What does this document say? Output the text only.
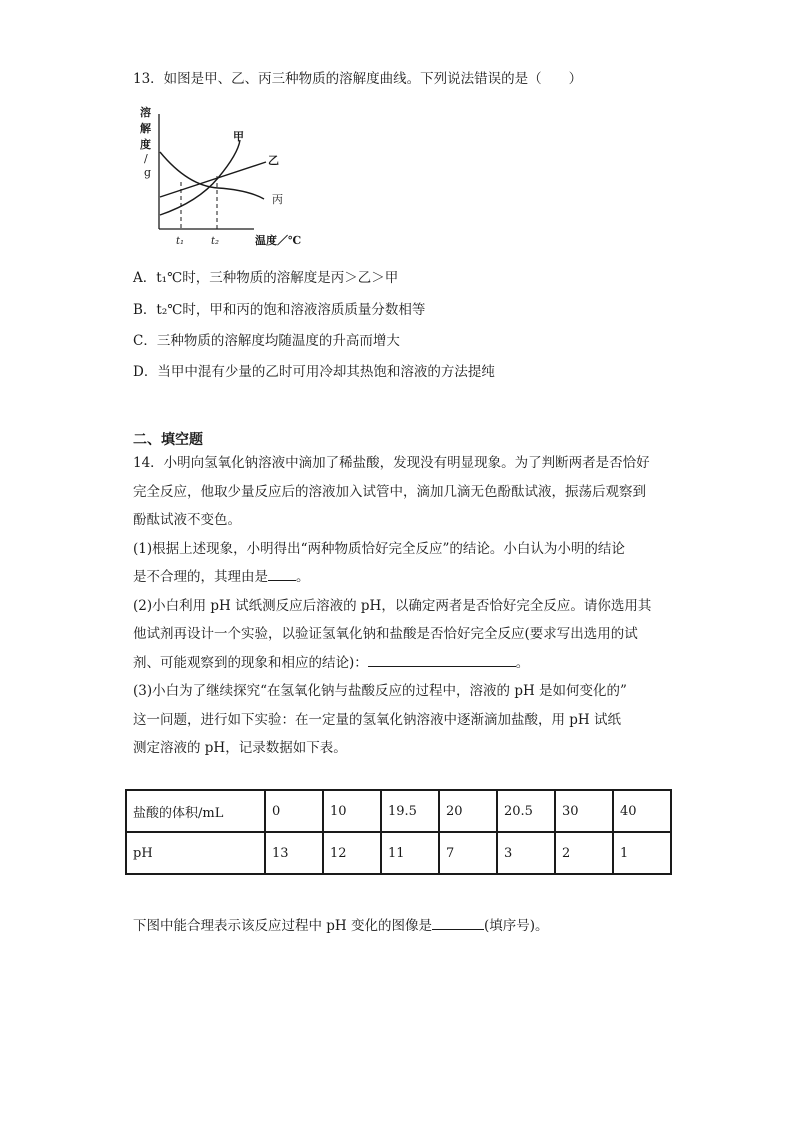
13．如图是甲、乙、丙三种物质的溶解度曲线。下列说法错误的是（　　）
溶
解
度
/
g
甲
乙
丙
t₁	t₂	温度／℃
A．t₁℃时，三种物质的溶解度是丙＞乙＞甲
B．t₂℃时，甲和丙的饱和溶液溶质质量分数相等
C．三种物质的溶解度均随温度的升高而增大
D．当甲中混有少量的乙时可用冷却其热饱和溶液的方法提纯
二、填空题

14．小明向氢氧化钠溶液中滴加了稀盐酸，发现没有明显现象。为了判断两者是否恰好

完全反应，他取少量反应后的溶液加入试管中，滴加几滴无色酚酞试液，振荡后观察到

酚酞试液不变色。

(1)根据上述现象，小明得出“两种物质恰好完全反应”的结论。小白认为小明的结论

是不合理的，其理由是 。

(2)小白利用 pH 试纸测反应后溶液的 pH，以确定两者是否恰好完全反应。请你选用其

他试剂再设计一个实验，以验证氢氧化钠和盐酸是否恰好完全反应(要求写出选用的试

剂、可能观察到的现象和相应的结论)：	。

(3)小白为了继续探究“在氢氧化钠与盐酸反应的过程中，溶液的 pH 是如何变化的”

这一问题，进行如下实验：在一定量的氢氧化钠溶液中逐渐滴加盐酸，用 pH 试纸

测定溶液的 pH，记录数据如下表。

盐酸的体积/mL	0	10	19.5	20	20.5	30	40
pH	13	12	11	7	3	2	1
下图中能合理表示该反应过程中 pH 变化的图像是	(填序号)。
